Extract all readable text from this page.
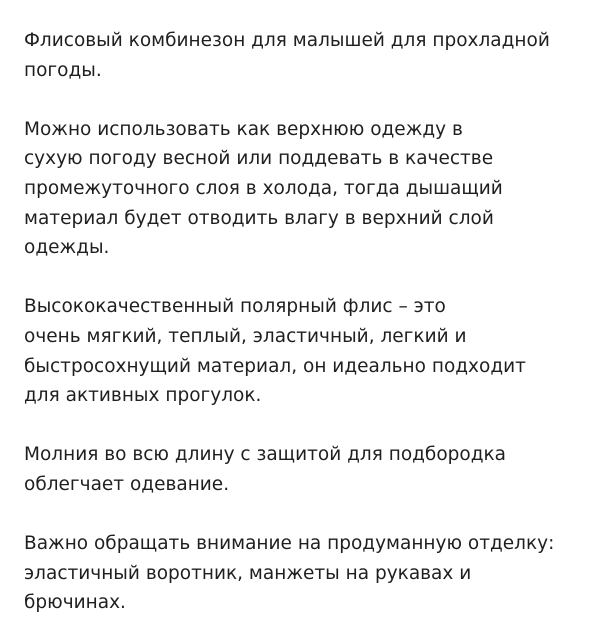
Флисовый комбинезон для малышей для прохладной
погоды.

Можно использовать как верхнюю одежду в
сухую погоду весной или поддевать в качестве
промежуточного слоя в холода, тогда дышащий
материал будет отводить влагу в верхний слой
одежды.

Высококачественный полярный флис – это
очень мягкий, теплый, эластичный, легкий и
быстросохнущий материал, он идеально подходит
для активных прогулок.

Молния во всю длину с защитой для подбородка
облегчает одевание.

Важно обращать внимание на продуманную отделку:
эластичный воротник, манжеты на рукавах и
брючинах.
